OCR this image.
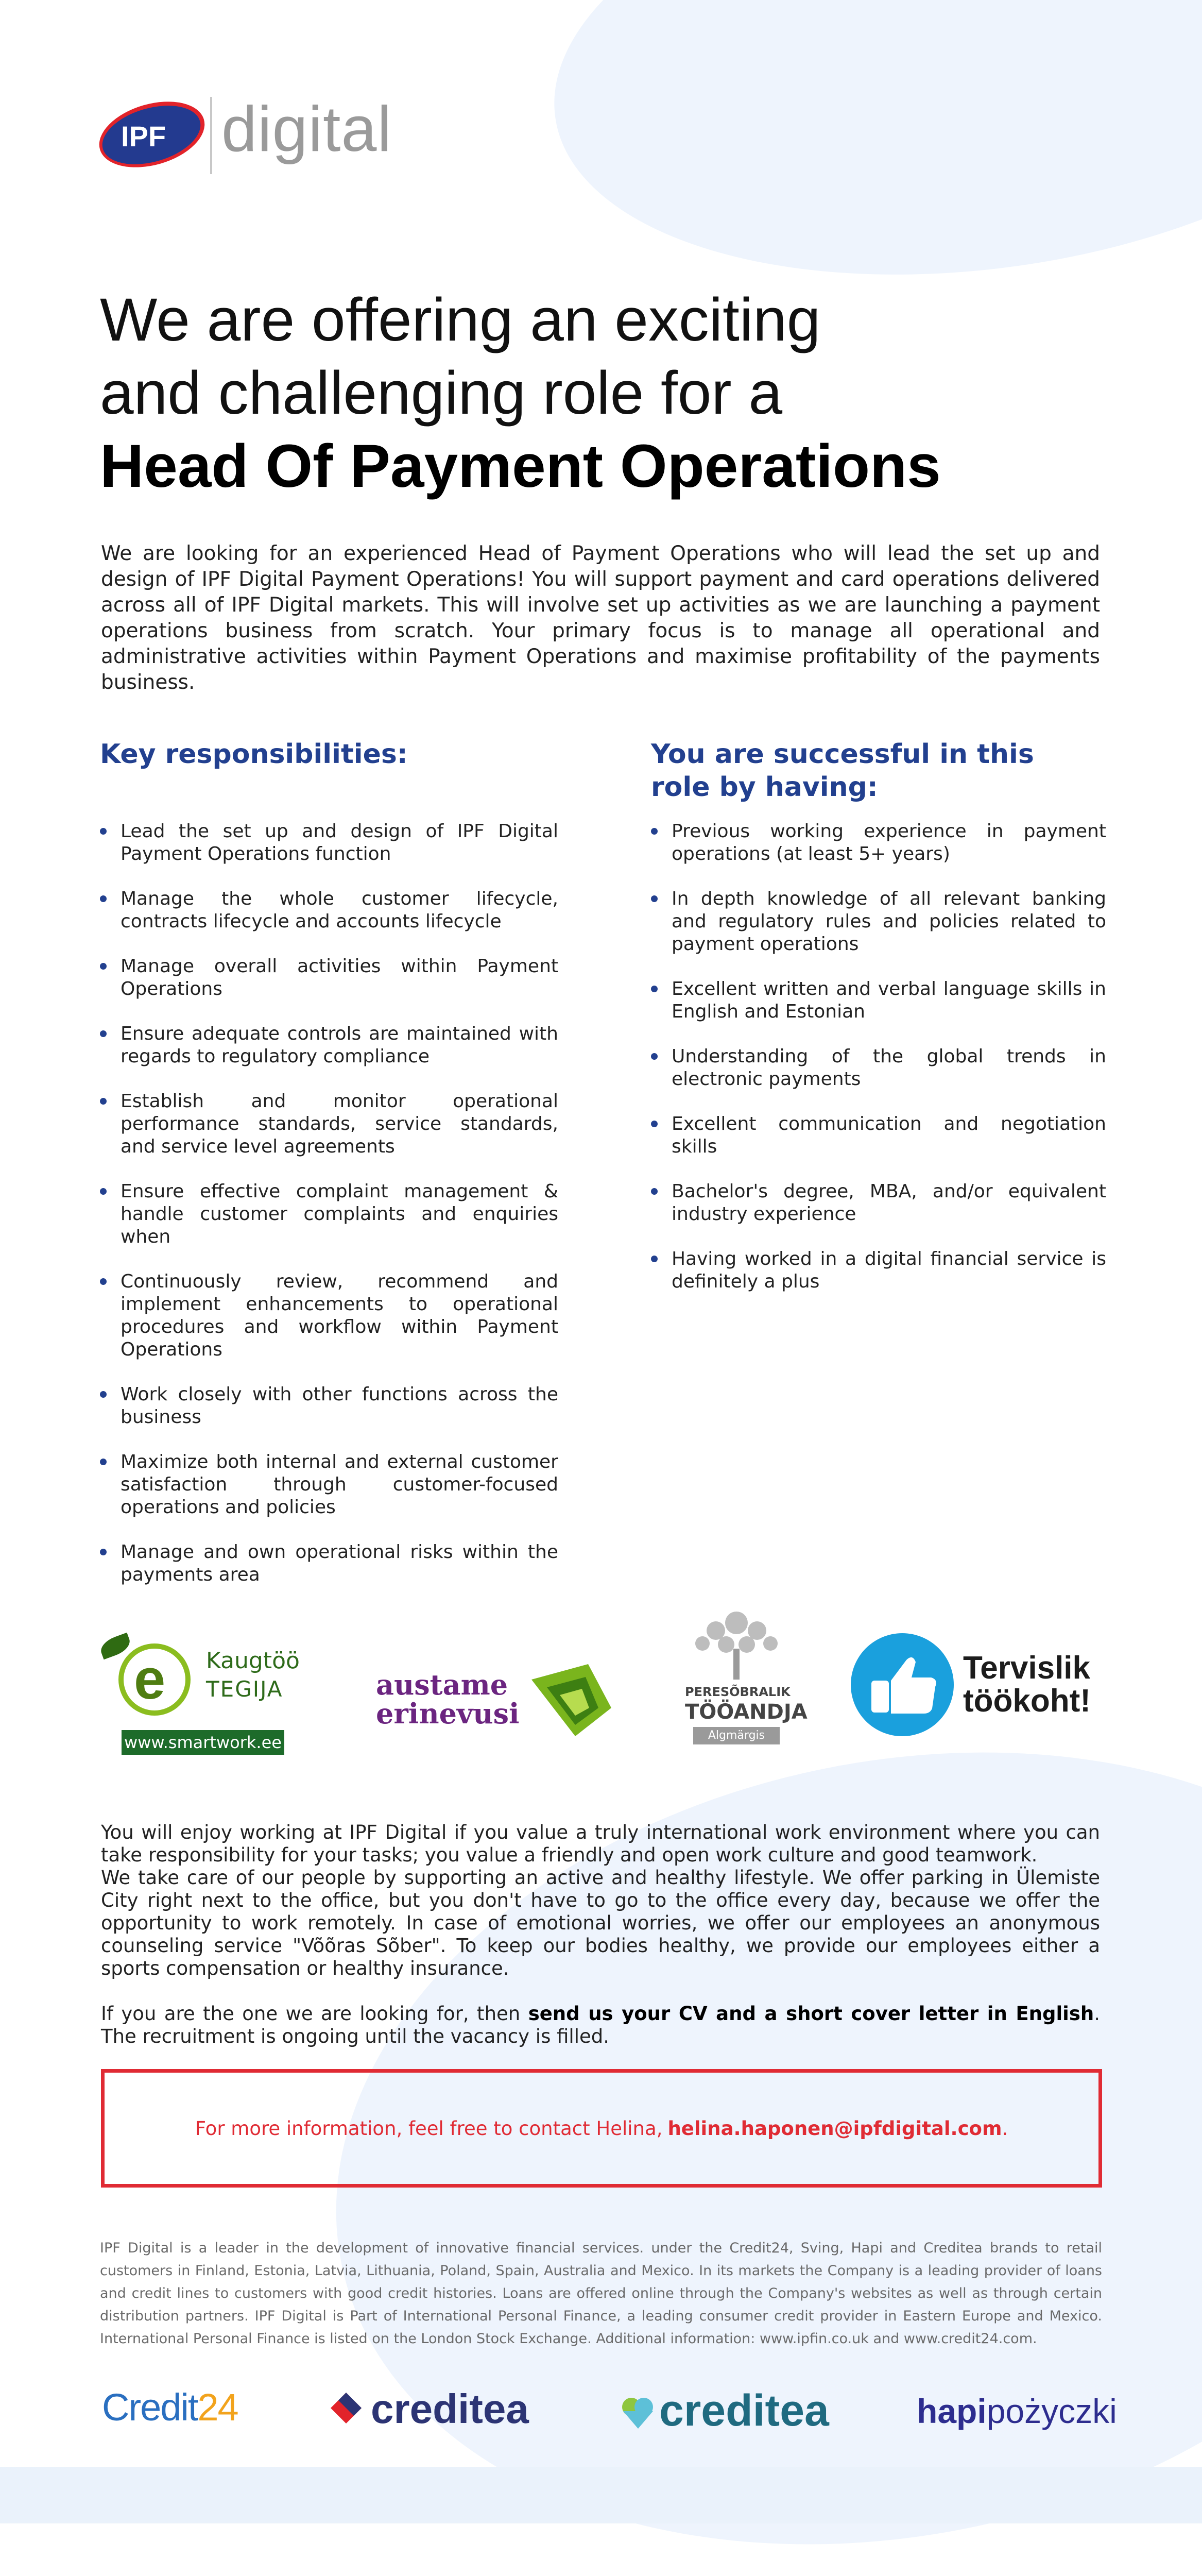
IPF digital
We are offering an exciting
and challenging role for a
Head Of Payment Operations
We are looking for an experienced Head of Payment Operations who will lead the set up and design of IPF Digital Payment Operations! You will support payment and card operations delivered across all of IPF Digital markets. This will involve set up activities as we are launching a payment operations business from scratch. Your primary focus is to manage all operational and administrative activities within Payment Operations and maximise profitability of the payments business.
Key responsibilities:
Lead the set up and design of IPF Digital Payment Operations function
Manage the whole customer lifecycle, contracts lifecycle and accounts lifecycle
Manage overall activities within Payment Operations
Ensure adequate controls are maintained with regards to regulatory compliance
Establish and monitor operational performance standards, service standards, and service level agreements
Ensure effective complaint management & handle customer complaints and enquiries when
Continuously review, recommend and implement enhancements to operational procedures and workflow within Payment Operations
Work closely with other functions across the business
Maximize both internal and external customer satisfaction through customer-focused operations and policies
Manage and own operational risks within the payments area
You are successful in this
role by having:
Previous working experience in payment operations (at least 5+ years)
In depth knowledge of all relevant banking and regulatory rules and policies related to payment operations
Excellent written and verbal language skills in English and Estonian
Understanding of the global trends in electronic payments
Excellent communication and negotiation skills
Bachelor's degree, MBA, and/or equivalent industry experience
Having worked in a digital financial service is definitely a plus
e Kaugtöö
TEGIJA
www.smartwork.ee
austame
erinevusi
PERESÕBRALIK
TÖÖANDJA
Algmärgis
Tervislik
töökoht!

You will enjoy working at IPF Digital if you value a truly international work environment where you can take responsibility for your tasks; you value a friendly and open work culture and good teamwork.

We take care of our people by supporting an active and healthy lifestyle. We offer parking in Ülemiste City right next to the office, but you don't have to go to the office every day, because we offer the opportunity to work remotely. In case of emotional worries, we offer our employees an anonymous counseling service "Võõras Sõber". To keep our bodies healthy, we provide our employees either a sports compensation or healthy insurance.

If you are the one we are looking for, then send us your CV and a short cover letter in English. The recruitment is ongoing until the vacancy is filled.

For more information, feel free to contact Helina, helina.haponen@ipfdigital.com .
IPF Digital is a leader in the development of innovative financial services. under the Credit24, Sving, Hapi and Creditea brands to retail customers in Finland, Estonia, Latvia, Lithuania, Poland, Spain, Australia and Mexico. In its markets the Company is a leading provider of loans and credit lines to customers with good credit histories. Loans are offered online through the Company's websites as well as through certain distribution partners. IPF Digital is Part of International Personal Finance, a leading consumer credit provider in Eastern Europe and Mexico. International Personal Finance is listed on the London Stock Exchange. Additional information: www.ipfin.co.uk and www.credit24.com.
Credit24	creditea	creditea	hapipożyczki
